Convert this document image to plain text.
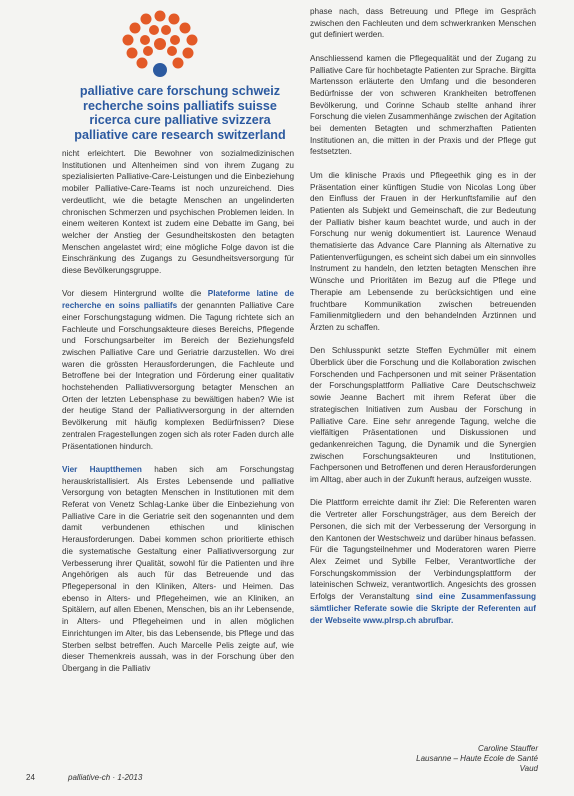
palliative care forschung schweiz
recherche soins palliatifs suisse
ricerca cure palliative svizzera
palliative care research switzerland

nicht erleichtert. Die Bewohner von sozialmedizinischen Institutionen und Altenheimen sind von ihrem Zugang zu spezialisierten Palliative-Care-Leistungen und die Einbeziehung mobiler Palliative-Care-Teams ist noch unzureichend. Dies verdeutlicht, wie die betagte Menschen an ungelinderten chronischen Schmerzen und psychischen Problemen leiden. In einem weiteren Kontext ist zudem eine Debatte im Gang, bei welcher der Anstieg der Gesundheitskosten den betagten Menschen angelastet wird; eine mögliche Folge davon ist die Einschränkung des Zugangs zu Gesundheitsversorgung für diese Bevölkerungsgruppe.

Vor diesem Hintergrund wollte die Plateforme latine de recherche en soins palliatifs der genannten Palliative Care einer Forschungstagung widmen. Die Tagung richtete sich an Fachleute und Forschungsakteure dieses Bereichs, Pflegende und Forschungsarbeiter im Bereich der Beziehungsfeld zwischen Palliative Care und Geriatrie darzustellen. Wo drei waren die grössten Herausforderungen, die Fachleute und Betroffene bei der Integration und Förderung einer qualitativ hochstehenden Palliativversorgung betagter Menschen an Orten der letzten Lebensphase zu bewältigen haben? Wie ist der heutige Stand der Palliativversorgung in der alternden Bevölkerung mit häufig komplexen Bedürfnissen? Diese zentralen Fragestellungen zogen sich als roter Faden durch alle Präsentationen hindurch.

Vier Hauptthemen haben sich am Forschungstag herauskristallisiert. Als Erstes Lebensende und palliative Versorgung von betagten Menschen in Institutionen mit dem Referat von Venetz Schlag-Lanke über die Einbeziehung von Palliative Care in die Geriatrie seit den sogenannten und dem damit verbundenen ethischen und klinischen Herausforderungen. Dabei kommen schon prioritierte ethisch die systematische Gestaltung einer Palliativversorgung zur Verbesserung ihrer Qualität, sowohl für die Patienten und ihre Angehörigen als auch für das Betreuende und das Pflegepersonal in den Kliniken, Alters- und Heimen. Das ebenso in Alters- und Pflegeheimen, wie an Kliniken, an Spitälern, auf allen Ebenen, Menschen, bis an ihr Lebensende, in Alters- und Pflegeheimen und in allen möglichen Einrichtungen im Alter, bis das Lebensende, bis Pflege und das Sterben selbst betreffen. Auch Marcelle Pelis zeigte auf, wie dieser Themenkreis aussah, was in der Forschung über den Übergang in die Palliativ

phase nach, dass Betreuung und Pflege im Gespräch zwischen den Fachleuten und dem schwerkranken Menschen gut definiert werden.

Anschliessend kamen die Pflegequalität und der Zugang zu Palliative Care für hochbetagte Patienten zur Sprache. Birgitta Martensson erläuterte den Umfang und die besonderen Bedürfnisse der von schweren Krankheiten betroffenen Bevölkerung, und Corinne Schaub stellte anhand ihrer Forschung die vielen Zusammenhänge zwischen der Agitation bei dementen Betagten und schmerzhaften Patienten Institutionen an, die mitten in der Praxis und der Pflege gut festsetzten.

Um die klinische Praxis und Pflegeethik ging es in der Präsentation einer künftigen Studie von Nicolas Long über den Einfluss der Frauen in der Herkunftsfamilie auf den Patienten als Subjekt und Gemeinschaft, die zur Bedeutung der Palliativ bisher kaum beachtet wurde, und auch in der Forschung nur wenig dokumentiert ist. Laurence Wenaud thematisierte das Advance Care Planning als Alternative zu Patientenverfügungen, es scheint sich dabei um ein sinnvolles Instrument zu handeln, den letzten betagten Menschen ihre Wünsche und Prioritäten im Bezug auf die Pflege und Therapie am Lebensende zu berücksichtigen und eine fruchtbare Kommunikation zwischen betreuenden Familienmitgliedern und den behandelnden Ärztinnen und Ärzten zu schaffen.

Den Schlusspunkt setzte Steffen Eychmüller mit einem Überblick über die Forschung und die Kollaboration zwischen Forschenden und Fachpersonen und mit seiner Präsentation der Forschungsplattform Palliative Care Deutschschweiz sowie Jeanne Bachert mit ihrem Referat über die strategischen Initiativen zum Ausbau der Forschung in Palliative Care. Eine sehr anregende Tagung, welche die vielfältigen Präsentationen und Diskussionen und gedankenreichen Tagung, die Dynamik und die Synergien zwischen Forschungsakteuren und Institutionen, Fachpersonen und Betroffenen und deren Herausforderungen im Alltag, aber auch in der Zukunft heraus, aufzeigen wusste.

Die Plattform erreichte damit ihr Ziel: Die Referenten waren die Vertreter aller Forschungsträger, aus dem Bereich der Personen, die sich mit der Verbesserung der Versorgung in den Kantonen der Westschweiz und darüber hinaus befassen. Für die Tagungsteilnehmer und Moderatoren waren Pierre Alex Zeimet und Sybille Felber, Verantwortliche der Forschungskommission der Verbindungsplattform der lateinischen Schweiz, verantwortlich. Angesichts des grossen Erfolgs der Veranstaltung sind eine Zusammenfassung sämtlicher Referate sowie die Skripte der Referenten auf der Webseite www.plrsp.ch abrufbar.

Caroline Stauffer
Lausanne – Haute Ecole de Santé Vaud
24	palliative-ch · 1-2013
